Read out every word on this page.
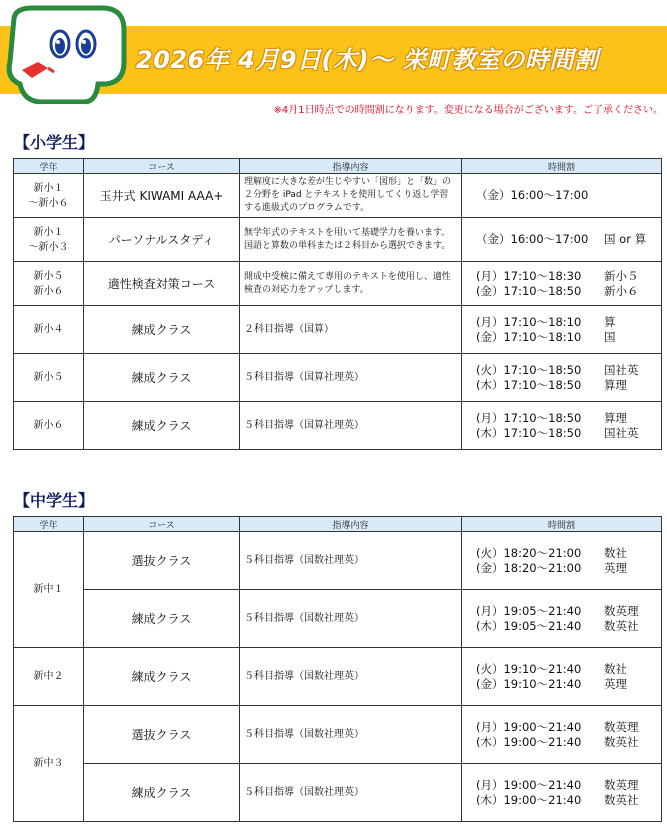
2026年 4月9日(木)〜 栄町教室の時間割
※4月1日時点での時間割になります。変更になる場合がございます。ご了承ください。
【小学生】
学年	コース	指導内容	時間割

新小１
～新小６	玉井式 KIWAMI AAA+	理解度に大きな差が生じやすい「図形」と「数」の２分野を iPad とテキストを使用してくり返し学習する進級式のプログラムです。	（金）16:00～17:00

新小１
～新小３	パーソナルスタディ	無学年式のテキストを用いて基礎学力を養います。国語と算数の単科または２科目から選択できます。	（金）16:00～17:00 国 or 算

新小５
新小６	適性検査対策コース	開成中受検に備えて専用のテキストを使用し、適性検査の対応力をアップします。	(月）17:10～18:30 新小５
(金）17:10～18:50 新小６

新小４	練成クラス	２科目指導（国算）	(月）17:10～18:10 算
(金）17:10～18:10 国

新小５	練成クラス	５科目指導（国算社理英）	(火）17:10～18:50 国社英
(木）17:10～18:50 算理

新小６	練成クラス	５科目指導（国算社理英）	(月）17:10～18:50 算理
(木）17:10～18:50 国社英
【中学生】
学年	コース	指導内容	時間割
新中１	選抜クラス	５科目指導（国数社理英）	(火）18:20～21:00 数社
(金）18:20～21:00 英理

	練成クラス	５科目指導（国数社理英）	(月）19:05～21:40 数英理
(木）19:05～21:40 数英社

新中２	練成クラス	５科目指導（国数社理英）	(火）19:10～21:40 数社
(金）19:10～21:40 英理

新中３	選抜クラス	５科目指導（国数社理英）	(月）19:00～21:40 数英理
(木）19:00～21:40 数英社

	練成クラス	５科目指導（国数社理英）	(月）19:00～21:40 数英理
(木）19:00～21:40 数英社
